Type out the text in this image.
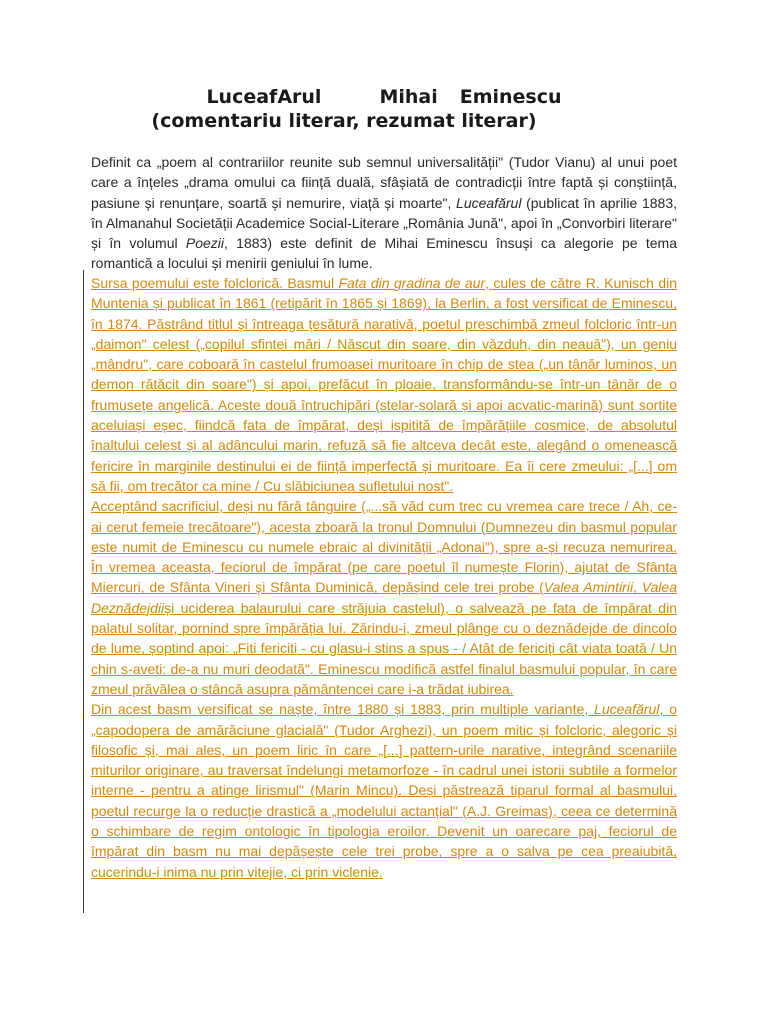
LuceafArul	Mihai Eminescu
(comentariu literar, rezumat literar)
Definit ca „poem al contrariilor reunite sub semnul universalității" (Tudor Vianu) al unui poet care a înțeles „drama omului ca ființă duală, sfâșiată de contradicții între faptă și conștiință, pasiune și renunțare, soartă și nemurire, viață și moarte", Luceafărul (publicat în aprilie 1883, în Almanahul Societății Academice Social-Literare „România Jună", apoi în „Convorbiri literare" și în volumul Poezii, 1883) este definit de Mihai Eminescu însuși ca alegorie pe tema romantică a locului și menirii geniului în lume.

Sursa poemului este folclorică. Basmul Fata din gradina de aur, cules de către R. Kunisch din Muntenia și publicat în 1861 (retipărit în 1865 și 1869), la Berlin, a fost versificat de Eminescu, în 1874. Păstrând titlul și întreaga țesătură narativă, poetul preschimbă zmeul folcloric într-un „daimon" celest („copilul sfintei mări / Născut din soare, din văzduh, din neauă"), un geniu „mândru", care coboară în castelul frumoasei muritoare în chip de stea („un tânăr luminos, un demon rătăcit din soare") și apoi, prefăcut în ploaie, transformându-se într-un tânăr de o frumusețe angelică. Aceste două întruchipări (stelar-solară și apoi acvatic-marină) sunt sortite aceluiași eșec, fiindcă fata de împărat, deși ispitită de împărățiile cosmice, de absolutul înaltului celest și al adâncului marin, refuză să fie altceva decât este, alegând o omenească fericire în marginile destinului ei de ființă imperfectă și muritoare. Ea îi cere zmeului: „[...] om să fii, om trecător ca mine / Cu slăbiciunea sufletului nost".

Acceptând sacrificiul, deși nu fără tânguire („...să văd cum trec cu vremea care trece / Ah, ce-ai cerut femeie trecătoare"), acesta zboară la tronul Domnului (Dumnezeu din basmul popular este numit de Eminescu cu numele ebraic al divinității „Adonai"), spre a-și recuza nemurirea. În vremea aceasta, feciorul de împărat (pe care poetul îl numește Florin), ajutat de Sfânta Miercuri, de Sfânta Vineri și Sfânta Duminică, depășind cele trei probe (Valea Amintirii, Valea Deznădejdiiși uciderea balaurului care străjuia castelul), o salvează pe fata de împărat din palatul solitar, pornind spre împărăția lui. Zărindu-i, zmeul plânge cu o deznădejde de dincolo de lume, șoptind apoi: „Fiti fericiti - cu glasu-i stins a spus - / Atât de fericiți cât viata toată / Un chin s-aveti: de-a nu muri deodată". Eminescu modifică astfel finalul basmului popular, în care zmeul prăvălea o stâncă asupra pământencei care i-a trădat iubirea.

Din acest basm versificat se naște, între 1880 și 1883, prin multiple variante, Luceafărul, o „capodopera de amărăciune glacială" (Tudor Arghezi), un poem mitic și folcloric, alegoric și filosofic și, mai ales, un poem liric în care „[...] pattern-urile narative, integrând scenariile miturilor originare, au traversat îndelungi metamorfoze - în cadrul unei istorii subtile a formelor interne - pentru a atinge lirismul" (Marin Mincu). Deși păstrează tiparul formal al basmului, poetul recurge la o reducție drastică a „modelului actanțial" (A.J. Greimas), ceea ce determină o schimbare de regim ontologic în tipologia eroilor. Devenit un oarecare paj, feciorul de împărat din basm nu mai depășește cele trei probe, spre a o salva pe cea preaiubită, cucerindu-i inima nu prin vitejie, ci prin viclenie.
